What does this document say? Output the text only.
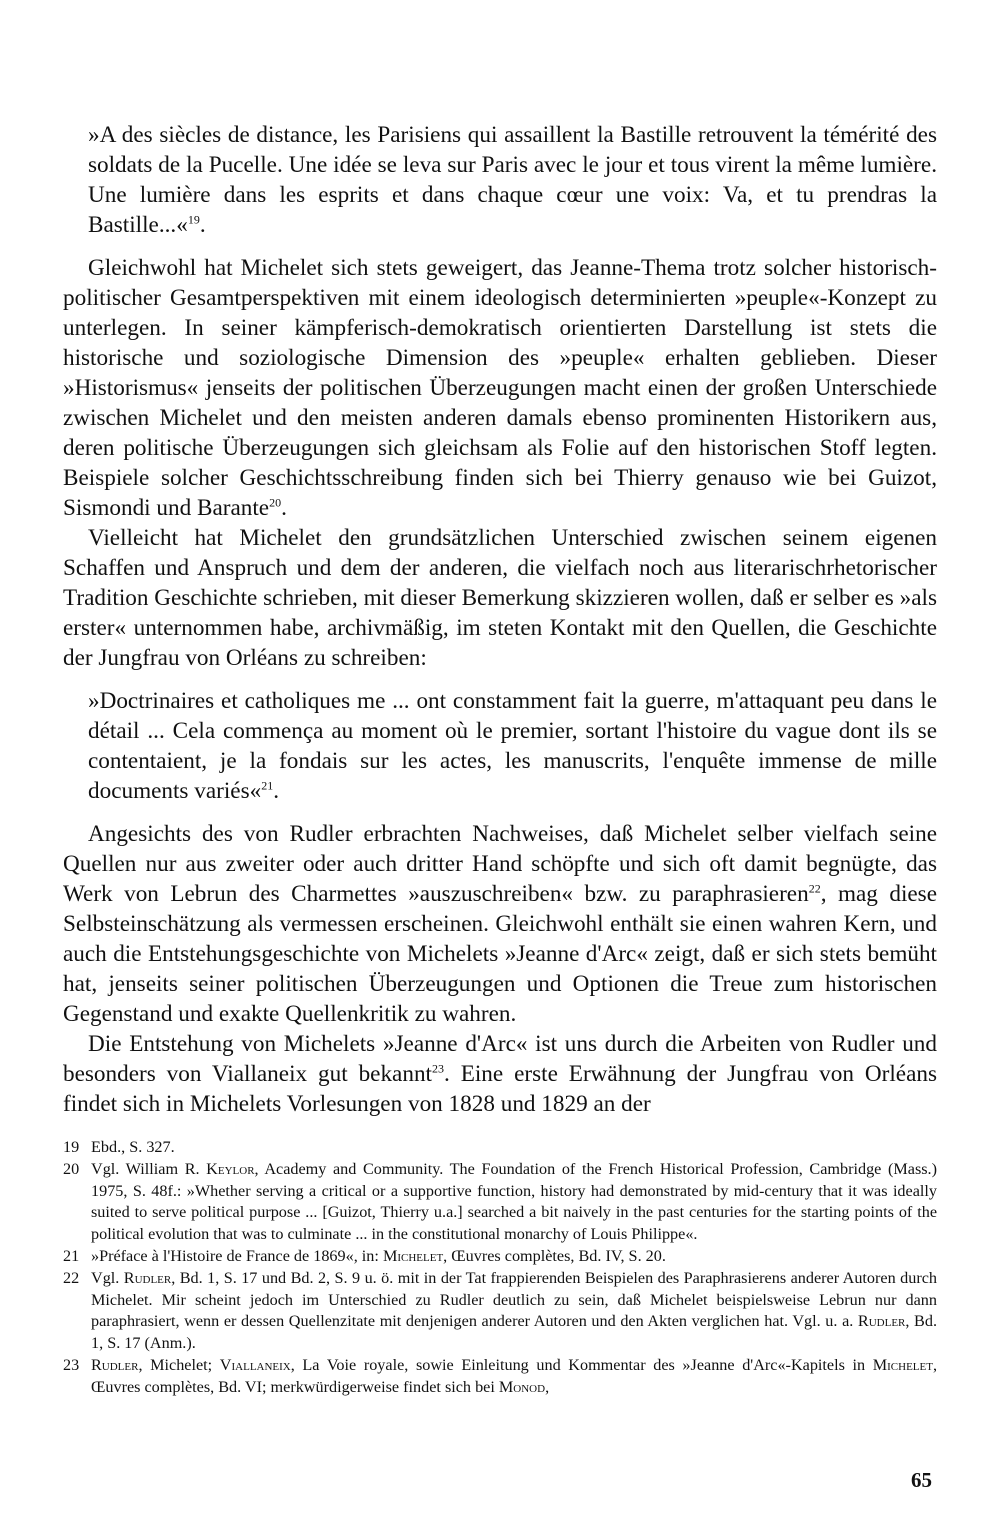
»A des siècles de distance, les Parisiens qui assaillent la Bastille retrouvent la témérité des soldats de la Pucelle. Une idée se leva sur Paris avec le jour et tous virent la même lumière. Une lumière dans les esprits et dans chaque cœur une voix: Va, et tu prendras la Bastille...«$^{19}$.

Gleichwohl hat Michelet sich stets geweigert, das Jeanne-Thema trotz solcher historisch-politischer Gesamtperspektiven mit einem ideologisch determinierten »peuple«-Konzept zu unterlegen. In seiner kämpferisch-demokratisch orientierten Darstellung ist stets die historische und soziologische Dimension des »peuple« erhalten geblieben. Dieser »Historismus« jenseits der politischen Überzeugungen macht einen der großen Unterschiede zwischen Michelet und den meisten anderen damals ebenso prominenten Historikern aus, deren politische Überzeugungen sich gleichsam als Folie auf den historischen Stoff legten. Beispiele solcher Geschichtsschreibung finden sich bei Thierry genauso wie bei Guizot, Sismondi und Barante$^{20}$.

Vielleicht hat Michelet den grundsätzlichen Unterschied zwischen seinem eigenen Schaffen und Anspruch und dem der anderen, die vielfach noch aus literarischrhetorischer Tradition Geschichte schrieben, mit dieser Bemerkung skizzieren wollen, daß er selber es »als erster« unternommen habe, archivmäßig, im steten Kontakt mit den Quellen, die Geschichte der Jungfrau von Orléans zu schreiben:

»Doctrinaires et catholiques me ... ont constamment fait la guerre, m'attaquant peu dans le détail ... Cela commença au moment où le premier, sortant l'histoire du vague dont ils se contentaient, je la fondais sur les actes, les manuscrits, l'enquête immense de mille documents variés«$^{21}$.

Angesichts des von Rudler erbrachten Nachweises, daß Michelet selber vielfach seine Quellen nur aus zweiter oder auch dritter Hand schöpfte und sich oft damit begnügte, das Werk von Lebrun des Charmettes »auszuschreiben« bzw. zu paraphrasieren$^{22}$, mag diese Selbsteinschätzung als vermessen erscheinen. Gleichwohl enthält sie einen wahren Kern, und auch die Entstehungsgeschichte von Michelets »Jeanne d'Arc« zeigt, daß er sich stets bemüht hat, jenseits seiner politischen Überzeugungen und Optionen die Treue zum historischen Gegenstand und exakte Quellenkritik zu wahren.

Die Entstehung von Michelets »Jeanne d'Arc« ist uns durch die Arbeiten von Rudler und besonders von Viallaneix gut bekannt$^{23}$. Eine erste Erwähnung der Jungfrau von Orléans findet sich in Michelets Vorlesungen von 1828 und 1829 an der

19 Ebd., S. 327.

20 Vgl. William R. Keylor, Academy and Community. The Foundation of the French Historical Profession, Cambridge (Mass.) 1975, S. 48f.: »Whether serving a critical or a supportive function, history had demonstrated by mid-century that it was ideally suited to serve political purpose ... [Guizot, Thierry u.a.] searched a bit naively in the past centuries for the starting points of the political evolution that was to culminate ... in the constitutional monarchy of Louis Philippe«.

21 »Préface à l'Histoire de France de 1869«, in: Michelet, Œuvres complètes, Bd. IV, S. 20.

22 Vgl. Rudler, Bd. 1, S. 17 und Bd. 2, S. 9 u. ö. mit in der Tat frappierenden Beispielen des Paraphrasierens anderer Autoren durch Michelet. Mir scheint jedoch im Unterschied zu Rudler deutlich zu sein, daß Michelet beispielsweise Lebrun nur dann paraphrasiert, wenn er dessen Quellenzitate mit denjenigen anderer Autoren und den Akten verglichen hat. Vgl. u. a. Rudler, Bd. 1, S. 17 (Anm.).

23 Rudler, Michelet; Viallaneix, La Voie royale, sowie Einleitung und Kommentar des »Jeanne d'Arc«-Kapitels in Michelet, Œuvres complètes, Bd. VI; merkwürdigerweise findet sich bei Monod,

65
